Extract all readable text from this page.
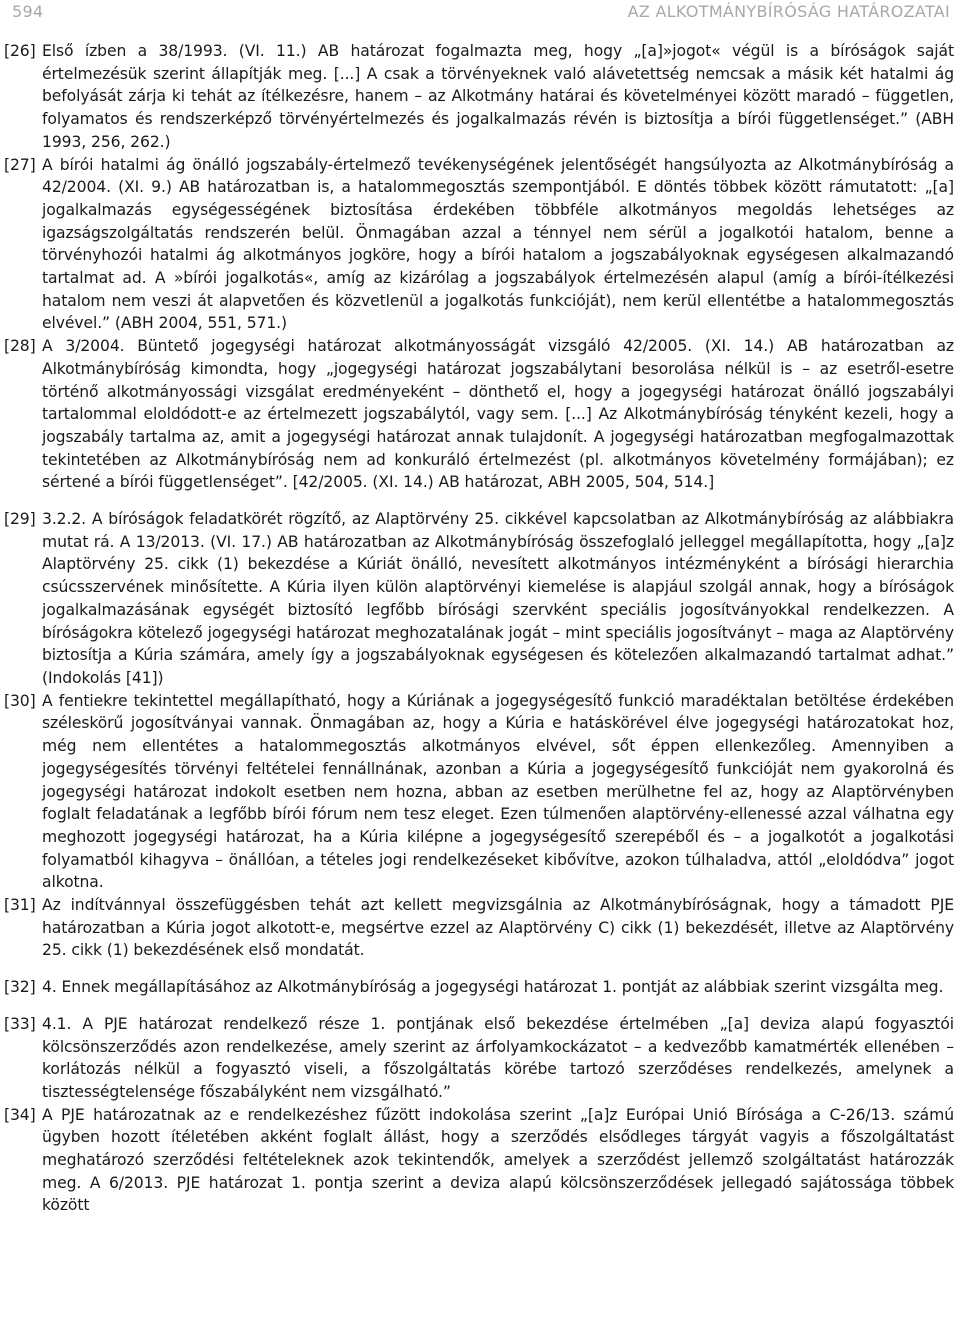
594	AZ ALKOTMÁNYBÍRÓSÁG HATÁROZATAI
[26] Első ízben a 38/1993. (VI. 11.) AB határozat fogalmazta meg, hogy „[a]»jogot« végül is a bíróságok saját értelmezésük szerint állapítják meg. [...] A csak a törvényeknek való alávetettség nemcsak a másik két hatalmi ág befolyását zárja ki tehát az ítélkezésre, hanem – az Alkotmány határai és követelményei között maradó – független, folyamatos és rendszerképző törvényértelmezés és jogalkalmazás révén is biztosítja a bírói függetlenséget.” (ABH 1993, 256, 262.)
[27] A bírói hatalmi ág önálló jogszabály-értelmező tevékenységének jelentőségét hangsúlyozta az Alkotmánybíróság a 42/2004. (XI. 9.) AB határozatban is, a hatalommegosztás szempontjából. E döntés többek között rámutatott: „[a] jogalkalmazás egységességének biztosítása érdekében többféle alkotmányos megoldás lehetséges az igazságszolgáltatás rendszerén belül. Önmagában azzal a ténnyel nem sérül a jogalkotói hatalom, benne a törvényhozói hatalmi ág alkotmányos jogköre, hogy a bírói hatalom a jogszabályoknak egységesen alkalmazandó tartalmat ad. A »bírói jogalkotás«, amíg az kizárólag a jogszabályok értelmezésén alapul (amíg a bírói-ítélkezési hatalom nem veszi át alapvetően és közvetlenül a jogalkotás funkcióját), nem kerül ellentétbe a hatalommegosztás elvével.” (ABH 2004, 551, 571.)
[28] A 3/2004. Büntető jogegységi határozat alkotmányosságát vizsgáló 42/2005. (XI. 14.) AB határozatban az Alkotmánybíróság kimondta, hogy „jogegységi határozat jogszabálytani besorolása nélkül is – az esetről-esetre történő alkotmányossági vizsgálat eredményeként – dönthető el, hogy a jogegységi határozat önálló jogszabályi tartalommal eloldódott-e az értelmezett jogszabálytól, vagy sem. [...] Az Alkotmánybíróság tényként kezeli, hogy a jogszabály tartalma az, amit a jogegységi határozat annak tulajdonít. A jogegységi határozatban megfogalmazottak tekintetében az Alkotmánybíróság nem ad konkuráló értelmezést (pl. alkotmányos követelmény formájában); ez sértené a bírói függetlenséget”. [42/2005. (XI. 14.) AB határozat, ABH 2005, 504, 514.]
[29] 3.2.2. A bíróságok feladatkörét rögzítő, az Alaptörvény 25. cikkével kapcsolatban az Alkotmánybíróság az alábbiakra mutat rá. A 13/2013. (VI. 17.) AB határozatban az Alkotmánybíróság összefoglaló jelleggel megállapította, hogy „[a]z Alaptörvény 25. cikk (1) bekezdése a Kúriát önálló, nevesített alkotmányos intézményként a bírósági hierarchia csúcsszervének minősítette. A Kúria ilyen külön alaptörvényi kiemelése is alapjául szolgál annak, hogy a bíróságok jogalkalmazásának egységét biztosító legfőbb bírósági szervként speciális jogosítványokkal rendelkezzen. A bíróságokra kötelező jogegységi határozat meghozatalának jogát – mint speciális jogosítványt – maga az Alaptörvény biztosítja a Kúria számára, amely így a jogszabályoknak egységesen és kötelezően alkalmazandó tartalmat adhat.” (Indokolás [41])
[30] A fentiekre tekintettel megállapítható, hogy a Kúriának a jogegységesítő funkció maradéktalan betöltése érdekében széleskörű jogosítványai vannak. Önmagában az, hogy a Kúria e hatáskörével élve jogegységi határozatokat hoz, még nem ellentétes a hatalommegosztás alkotmányos elvével, sőt éppen ellenkezőleg. Amennyiben a jogegységesítés törvényi feltételei fennállnának, azonban a Kúria a jogegységesítő funkcióját nem gyakorolná és jogegységi határozat indokolt esetben nem hozna, abban az esetben merülhetne fel az, hogy az Alaptörvényben foglalt feladatának a legfőbb bírói fórum nem tesz eleget. Ezen túlmenően alaptörvény-ellenessé azzal válhatna egy meghozott jogegységi határozat, ha a Kúria kilépne a jogegységesítő szerepéből és – a jogalkotót a jogalkotási folyamatból kihagyva – önállóan, a tételes jogi rendelkezéseket kibővítve, azokon túlhaladva, attól „eloldódva” jogot alkotna.
[31] Az indítvánnyal összefüggésben tehát azt kellett megvizsgálnia az Alkotmánybíróságnak, hogy a támadott PJE határozatban a Kúria jogot alkotott-e, megsértve ezzel az Alaptörvény C) cikk (1) bekezdését, illetve az Alaptörvény 25. cikk (1) bekezdésének első mondatát.
[32] 4. Ennek megállapításához az Alkotmánybíróság a jogegységi határozat 1. pontját az alábbiak szerint vizsgálta meg.
[33] 4.1. A PJE határozat rendelkező része 1. pontjának első bekezdése értelmében „[a] deviza alapú fogyasztói kölcsönszerződés azon rendelkezése, amely szerint az árfolyamkockázatot – a kedvezőbb kamatmérték ellenében – korlátozás nélkül a fogyasztó viseli, a főszolgáltatás körébe tartozó szerződéses rendelkezés, amelynek a tisztességtelensége főszabályként nem vizsgálható.”
[34] A PJE határozatnak az e rendelkezéshez fűzött indokolása szerint „[a]z Európai Unió Bírósága a C-26/13. számú ügyben hozott ítéletében akként foglalt állást, hogy a szerződés elsődleges tárgyát vagyis a főszolgáltatást meghatározó szerződési feltételeknek azok tekintendők, amelyek a szerződést jellemző szolgáltatást határozzák meg. A 6/2013. PJE határozat 1. pontja szerint a deviza alapú kölcsönszerződések jellegadó sajátossága többek között
